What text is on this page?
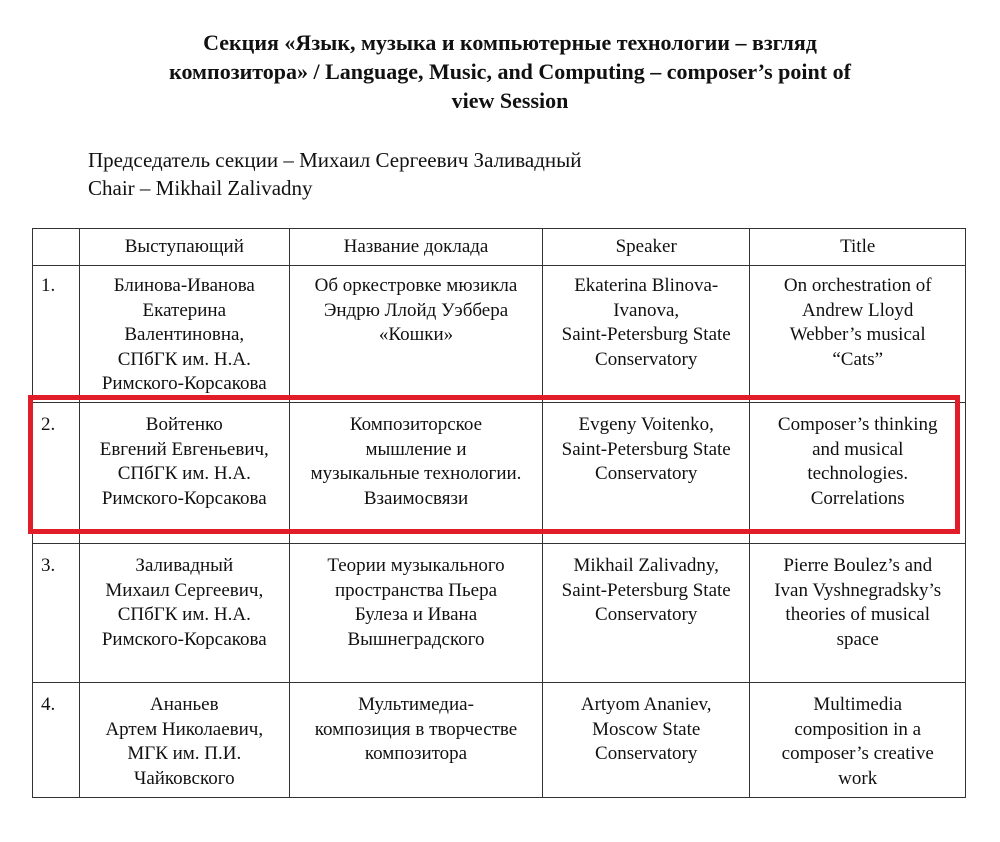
Секция «Язык, музыка и компьютерные технологии – взгляд
композитора» / Language, Music, and Computing – composer’s point of
view Session
Председатель секции – Михаил Сергеевич Заливадный
Chair – Mikhail Zalivadny
	Выступающий	Название доклада	Speaker	Title
1.	Блинова-Иванова
Екатерина
Валентиновна,
СПбГК им. Н.А.
Римского-Корсакова	Об оркестровке мюзикла
Эндрю Ллойд Уэббера
«Кошки»	Ekaterina Blinova-
Ivanova,
Saint-Petersburg State
Conservatory	On orchestration of
Andrew Lloyd
Webber’s musical
“Cats”

2.	Войтенко
Евгений Евгеньевич,
СПбГК им. Н.А.
Римского-Корсакова	Композиторское
мышление и
музыкальные технологии.
Взаимосвязи	Evgeny Voitenko,
Saint-Petersburg State
Conservatory	Composer’s thinking
and musical
technologies.
Correlations

3.	Заливадный
Михаил Сергеевич,
СПбГК им. Н.А.
Римского-Корсакова	Теории музыкального
пространства Пьера
Булеза и Ивана
Вышнеградского	Mikhail Zalivadny,
Saint-Petersburg State
Conservatory	Pierre Boulez’s and
Ivan Vyshnegradsky’s
theories of musical
space

4.	Ананьев
Артем Николаевич,
МГК им. П.И.
Чайковского	Мультимедиа-
композиция в творчестве
композитора	Artyom Ananiev,
Moscow State
Conservatory	Multimedia
composition in a
composer’s creative
work
